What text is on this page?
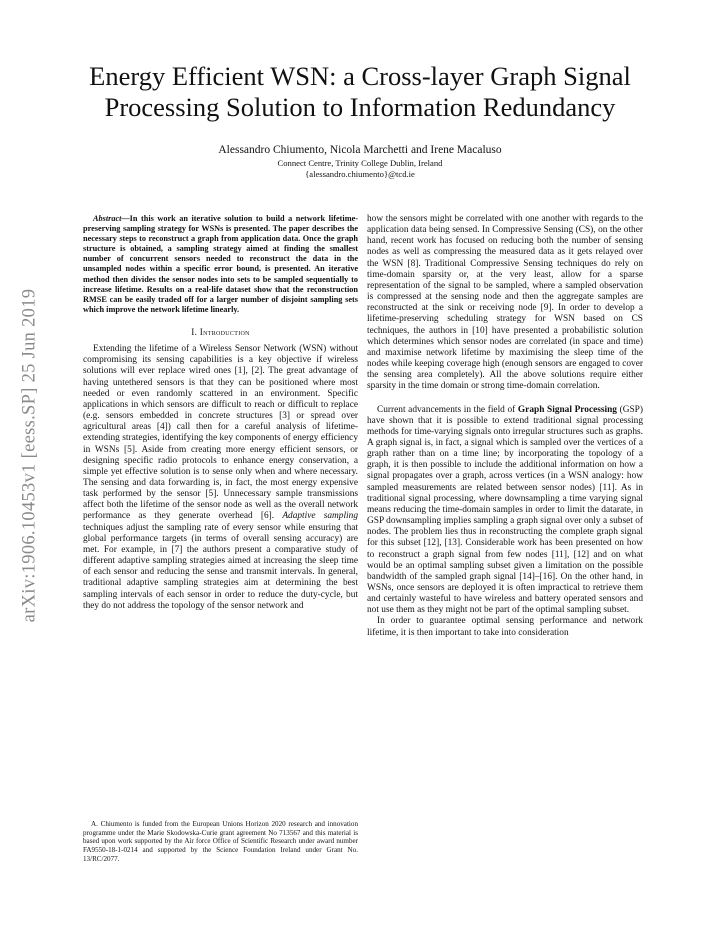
arXiv:1906.10453v1 [eess.SP] 25 Jun 2019
Energy Efficient WSN: a Cross-layer Graph Signal
Processing Solution to Information Redundancy
Alessandro Chiumento, Nicola Marchetti and Irene Macaluso
Connect Centre, Trinity College Dublin, Ireland
{alessandro.chiumento}@tcd.ie

Abstract—In this work an iterative solution to build a network lifetime-preserving sampling strategy for WSNs is presented. The paper describes the necessary steps to reconstruct a graph from application data. Once the graph structure is obtained, a sampling strategy aimed at finding the smallest number of concurrent sensors needed to reconstruct the data in the unsampled nodes within a specific error bound, is presented. An iterative method then divides the sensor nodes into sets to be sampled sequentially to increase lifetime. Results on a real-life dataset show that the reconstruction RMSE can be easily traded off for a larger number of disjoint sampling sets which improve the network lifetime linearly.

I. Introduction

Extending the lifetime of a Wireless Sensor Network (WSN) without compromising its sensing capabilities is a key objective if wireless solutions will ever replace wired ones [1], [2]. The great advantage of having untethered sensors is that they can be positioned where most needed or even randomly scattered in an environment. Specific applications in which sensors are difficult to reach or difficult to replace (e.g. sensors embedded in concrete structures [3] or spread over agricultural areas [4]) call then for a careful analysis of lifetime-extending strategies, identifying the key components of energy efficiency in WSNs [5]. Aside from creating more energy efficient sensors, or designing specific radio protocols to enhance energy conservation, a simple yet effective solution is to sense only when and where necessary. The sensing and data forwarding is, in fact, the most energy expensive task performed by the sensor [5]. Unnecessary sample transmissions affect both the lifetime of the sensor node as well as the overall network performance as they generate overhead [6]. Adaptive sampling techniques adjust the sampling rate of every sensor while ensuring that global performance targets (in terms of overall sensing accuracy) are met. For example, in [7] the authors present a comparative study of different adaptive sampling strategies aimed at increasing the sleep time of each sensor and reducing the sense and transmit intervals. In general, traditional adaptive sampling strategies aim at determining the best sampling intervals of each sensor in order to reduce the duty-cycle, but they do not address the topology of the sensor network and

A. Chiumento is funded from the European Unions Horizon 2020 research and innovation programme under the Marie Skodowska-Curie grant agreement No 713567 and this material is based upon work supported by the Air force Office of Scientific Research under award number FA9550-18-1-0214 and supported by the Science Foundation Ireland under Grant No. 13/RC/2077.

how the sensors might be correlated with one another with regards to the application data being sensed. In Compressive Sensing (CS), on the other hand, recent work has focused on reducing both the number of sensing nodes as well as compressing the measured data as it gets relayed over the WSN [8]. Traditional Compressive Sensing techniques do rely on time-domain sparsity or, at the very least, allow for a sparse representation of the signal to be sampled, where a sampled observation is compressed at the sensing node and then the aggregate samples are reconstructed at the sink or receiving node [9]. In order to develop a lifetime-preserving scheduling strategy for WSN based on CS techniques, the authors in [10] have presented a probabilistic solution which determines which sensor nodes are correlated (in space and time) and maximise network lifetime by maximising the sleep time of the nodes while keeping coverage high (enough sensors are engaged to cover the sensing area completely). All the above solutions require either sparsity in the time domain or strong time-domain correlation.

Current advancements in the field of Graph Signal Processing (GSP) have shown that it is possible to extend traditional signal processing methods for time-varying signals onto irregular structures such as graphs. A graph signal is, in fact, a signal which is sampled over the vertices of a graph rather than on a time line; by incorporating the topology of a graph, it is then possible to include the additional information on how a signal propagates over a graph, across vertices (in a WSN analogy: how sampled measurements are related between sensor nodes) [11]. As in traditional signal processing, where downsampling a time varying signal means reducing the time-domain samples in order to limit the datarate, in GSP downsampling implies sampling a graph signal over only a subset of nodes. The problem lies thus in reconstructing the complete graph signal for this subset [12], [13]. Considerable work has been presented on how to reconstruct a graph signal from few nodes [11], [12] and on what would be an optimal sampling subset given a limitation on the possible bandwidth of the sampled graph signal [14]–[16]. On the other hand, in WSNs, once sensors are deployed it is often impractical to retrieve them and certainly wasteful to have wireless and battery operated sensors and not use them as they might not be part of the optimal sampling subset.

In order to guarantee optimal sensing performance and network lifetime, it is then important to take into consideration
